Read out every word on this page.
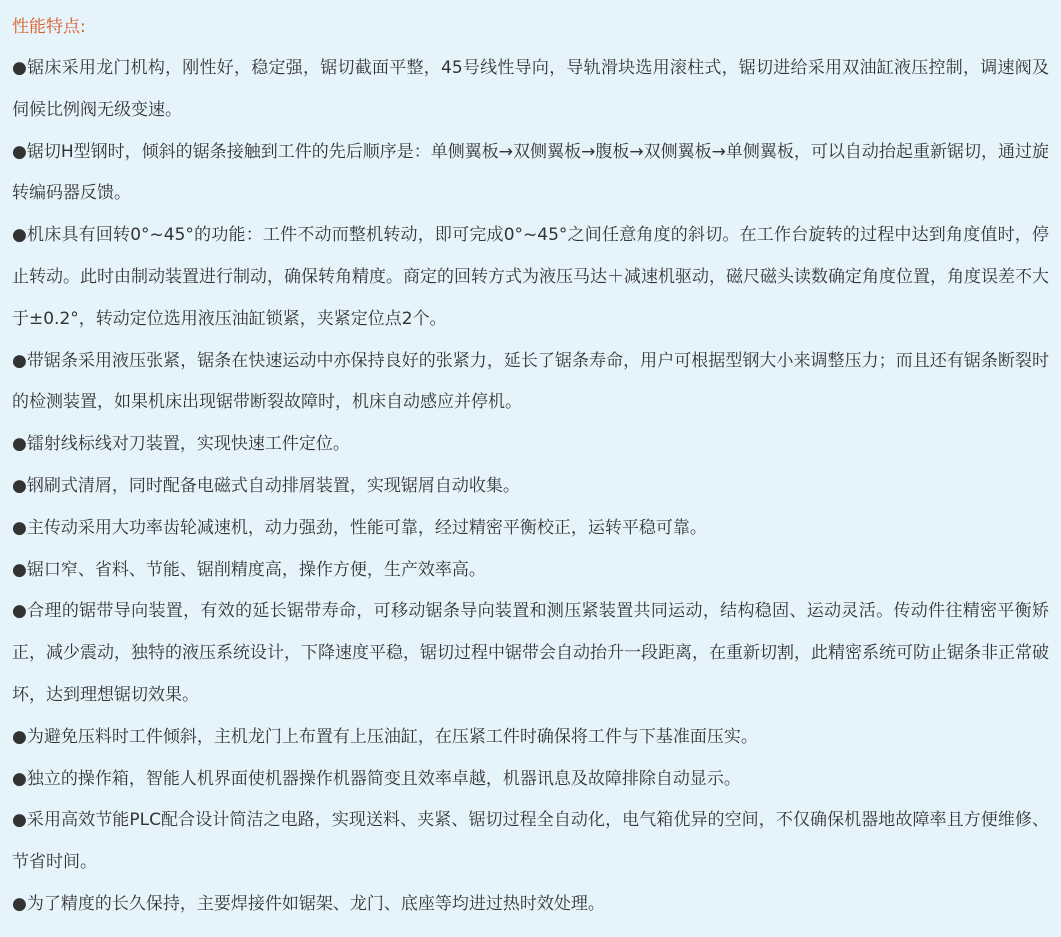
性能特点:
●锯床采用龙门机构，刚性好，稳定强，锯切截面平整，45号线性导向，导轨滑块选用滚柱式，锯切进给采用双油缸液压控制，调速阀及伺候比例阀无级变速。
●锯切H型钢时，倾斜的锯条接触到工件的先后顺序是：单侧翼板→双侧翼板→腹板→双侧翼板→单侧翼板，可以自动抬起重新锯切，通过旋转编码器反馈。
●机床具有回转0°~45°的功能：工件不动而整机转动，即可完成0°~45°之间任意角度的斜切。在工作台旋转的过程中达到角度值时，停止转动。此时由制动装置进行制动，确保转角精度。商定的回转方式为液压马达＋减速机驱动，磁尺磁头读数确定角度位置，角度误差不大于±0.2°，转动定位选用液压油缸锁紧，夹紧定位点2个。
●带锯条采用液压张紧，锯条在快速运动中亦保持良好的张紧力，延长了锯条寿命，用户可根据型钢大小来调整压力；而且还有锯条断裂时的检测装置，如果机床出现锯带断裂故障时，机床自动感应并停机。
●镭射线标线对刀装置，实现快速工件定位。
●钢刷式清屑，同时配备电磁式自动排屑装置，实现锯屑自动收集。
●主传动采用大功率齿轮减速机，动力强劲，性能可靠，经过精密平衡校正，运转平稳可靠。
●锯口窄、省料、节能、锯削精度高，操作方便，生产效率高。
●合理的锯带导向装置，有效的延长锯带寿命，可移动锯条导向装置和测压紧装置共同运动，结构稳固、运动灵活。传动件往精密平衡矫正，减少震动，独特的液压系统设计，下降速度平稳，锯切过程中锯带会自动抬升一段距离，在重新切割，此精密系统可防止锯条非正常破坏，达到理想锯切效果。
●为避免压料时工件倾斜，主机龙门上布置有上压油缸，在压紧工件时确保将工件与下基准面压实。
●独立的操作箱，智能人机界面使机器操作机器简变且效率卓越，机器讯息及故障排除自动显示。
●采用高效节能PLC配合设计简洁之电路，实现送料、夹紧、锯切过程全自动化，电气箱优异的空间，不仅确保机器地故障率且方便维修、节省时间。
●为了精度的长久保持，主要焊接件如锯架、龙门、底座等均进过热时效处理。
